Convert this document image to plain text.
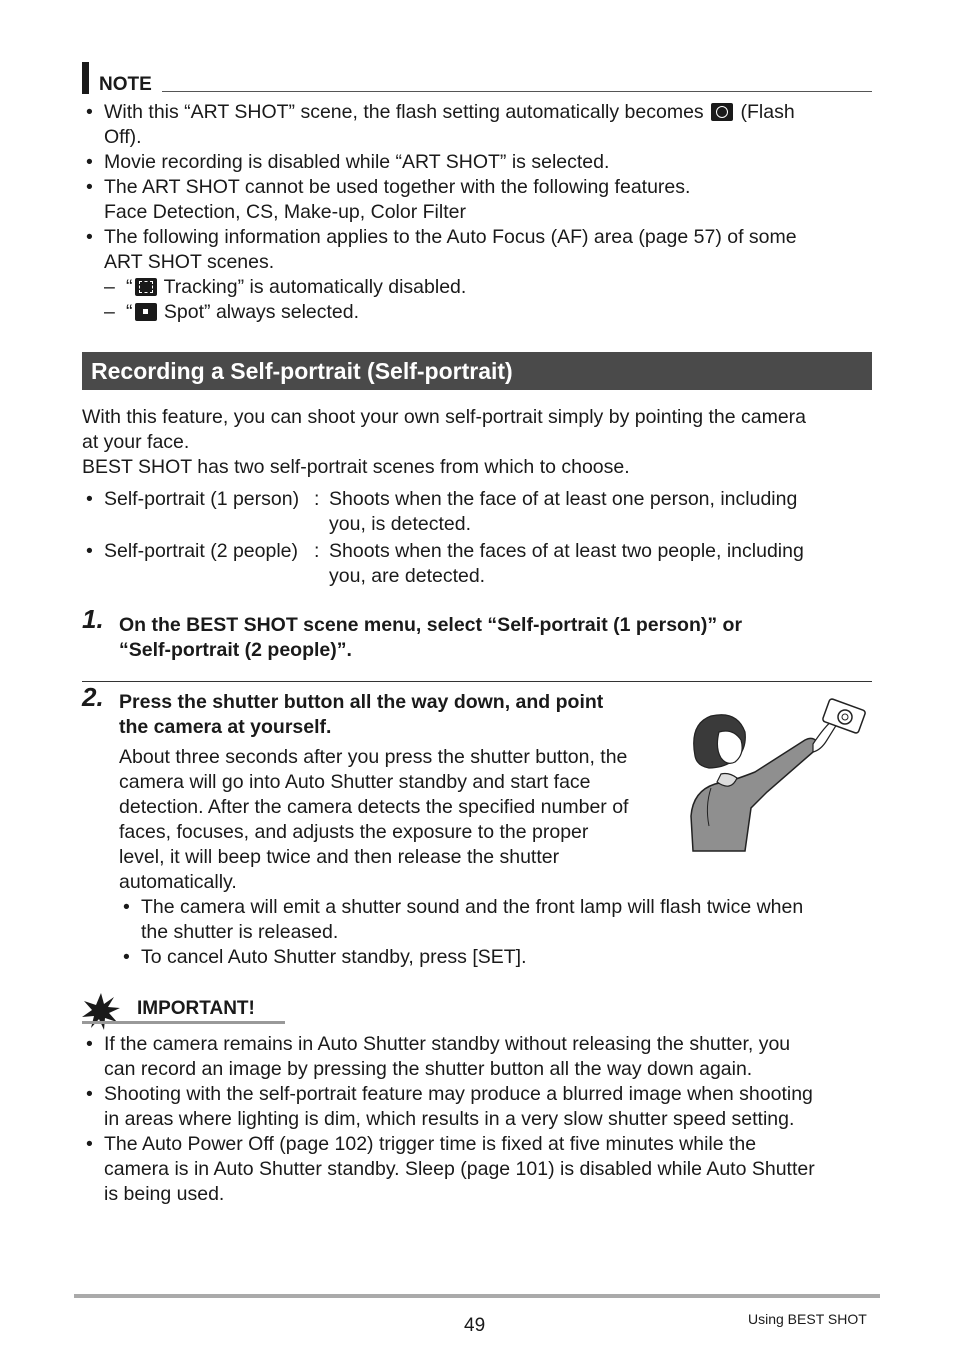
NOTE
• With this “ART SHOT” scene, the flash setting automatically becomes (Flash
Off).
• Movie recording is disabled while “ART SHOT” is selected.
• The ART SHOT cannot be used together with the following features.
Face Detection, CS, Make-up, Color Filter
• The following information applies to the Auto Focus (AF) area (page 57) of some
ART SHOT scenes.
– “ Tracking” is automatically disabled.
– “ Spot” always selected.
Recording a Self-portrait (Self-portrait)
With this feature, you can shoot your own self-portrait simply by pointing the camera
at your face.
BEST SHOT has two self-portrait scenes from which to choose.
• Self-portrait (1 person) : Shoots when the face of at least one person, including
you, is detected.
• Self-portrait (2 people) : Shoots when the faces of at least two people, including
you, are detected.
1. On the BEST SHOT scene menu, select “Self-portrait (1 person)” or
“Self-portrait (2 people)”.
2. Press the shutter button all the way down, and point
the camera at yourself.
About three seconds after you press the shutter button, the
camera will go into Auto Shutter standby and start face
detection. After the camera detects the specified number of
faces, focuses, and adjusts the exposure to the proper
level, it will beep twice and then release the shutter
automatically.
• The camera will emit a shutter sound and the front lamp will flash twice when
the shutter is released.
• To cancel Auto Shutter standby, press [SET].
IMPORTANT!
• If the camera remains in Auto Shutter standby without releasing the shutter, you
can record an image by pressing the shutter button all the way down again.
• Shooting with the self-portrait feature may produce a blurred image when shooting
in areas where lighting is dim, which results in a very slow shutter speed setting.
• The Auto Power Off (page 102) trigger time is fixed at five minutes while the
camera is in Auto Shutter standby. Sleep (page 101) is disabled while Auto Shutter
is being used.
49	Using BEST SHOT
